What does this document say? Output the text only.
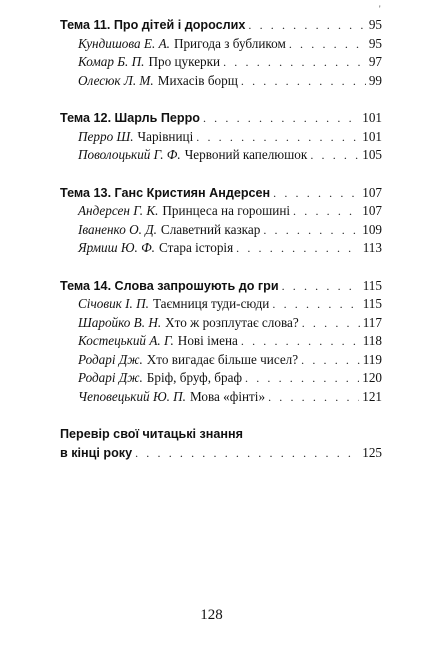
'
Тема 11. Про дітей і дорослих . . .	95
Кундишова Е. А. Пригода з бубликом . . .	95
Комар Б. П. Про цукерки . . .	97
Олесюк Л. М. Михасів борщ . . .	99
Тема 12. Шарль Перро . . .	101
Перро Ш. Чарівниці . . .	101
Поволоцький Г. Ф. Червоний капелюшок . . .	105
Тема 13. Ганс Кристиян Андерсен . . .	107
Андерсен Г. К. Принцеса на горошині . . .	107
Іваненко О. Д. Славетний казкар . . .	109
Ярмиш Ю. Ф. Стара історія . . .	113
Тема 14. Слова запрошують до гри . . .	115
Січовик І. П. Таємниця туди-сюди . . .	115
Шаройко В. Н. Хто ж розплутає слова? . . .	117
Костецький А. Г. Нові імена . . .	118
Родарі Дж. Хто вигадає більше чисел? . . .	119
Родарі Дж. Бріф, бруф, браф . . .	120
Чеповецький Ю. П. Мова «фінті» . . .	121
Перевір свої читацькі знання
в кінці року . . .	125
128
